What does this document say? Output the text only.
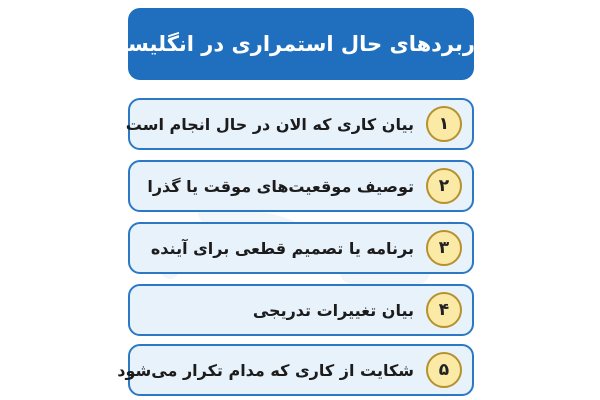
کاربردهای حال استمراری در انگلیسی
۱
بیان کاری که الان در حال انجام است
۲
توصیف موقعیت‌های موقت یا گذرا
۳
برنامه یا تصمیم قطعی برای آینده
۴
بیان تغییرات تدریجی
۵
شکایت از کاری که مدام تکرار می‌شود
